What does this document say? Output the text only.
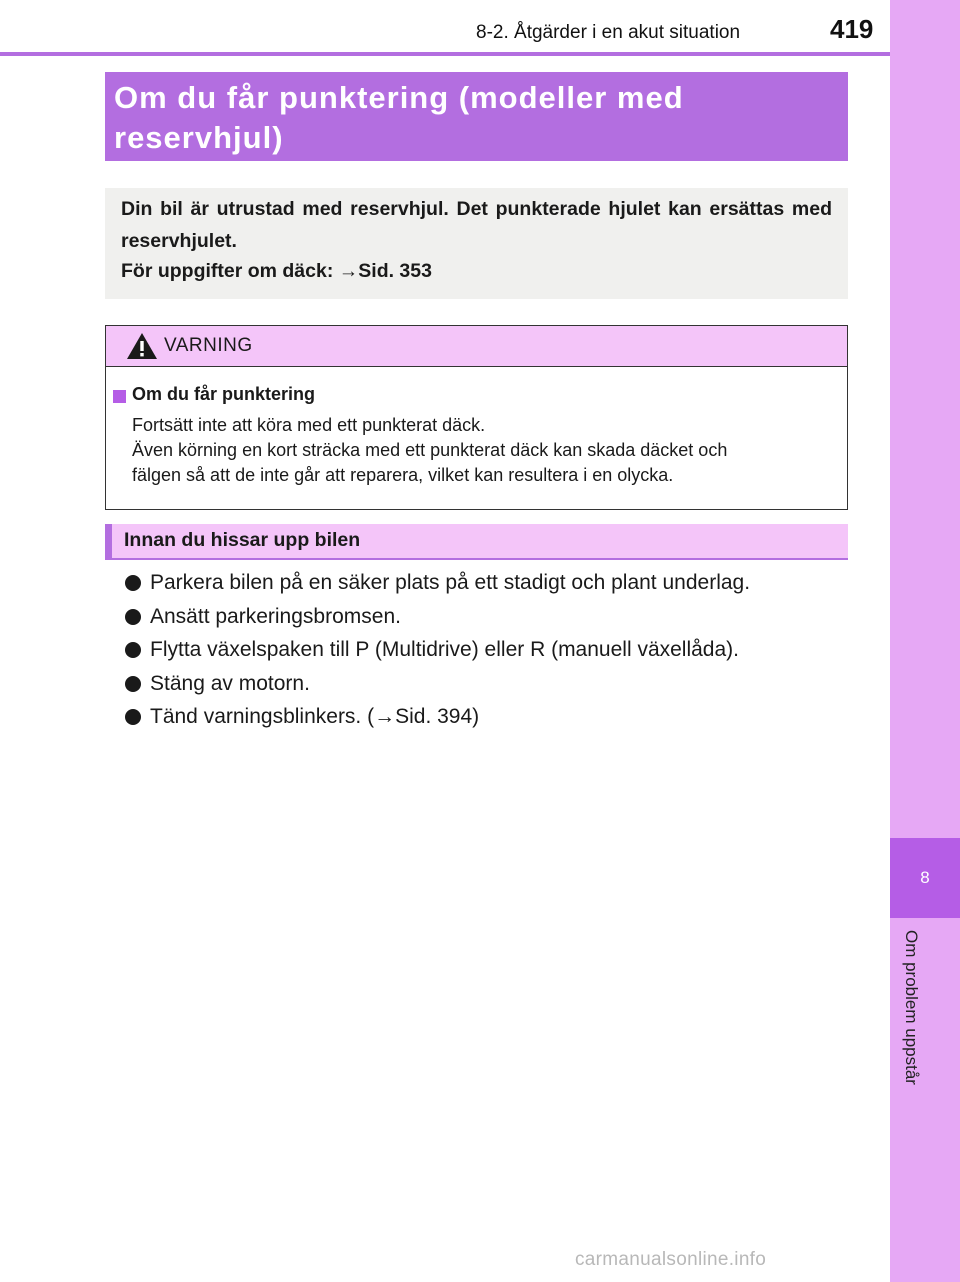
8-2. Åtgärder i en akut situation	419
8
Om problem uppstår
Om du får punktering (modeller med reservhjul)
Din bil är utrustad med reservhjul. Det punkterade hjulet kan ersättas med reservhjulet.
För uppgifter om däck: →Sid. 353
VARNING
Om du får punktering
Fortsätt inte att köra med ett punkterat däck.
Även körning en kort sträcka med ett punkterat däck kan skada däcket och
fälgen så att de inte går att reparera, vilket kan resultera i en olycka.
Innan du hissar upp bilen
Parkera bilen på en säker plats på ett stadigt och plant underlag.
Ansätt parkeringsbromsen.
Flytta växelspaken till P (Multidrive) eller R (manuell växellåda).
Stäng av motorn.
Tänd varningsblinkers. (→Sid. 394)
carmanualsonline.info
